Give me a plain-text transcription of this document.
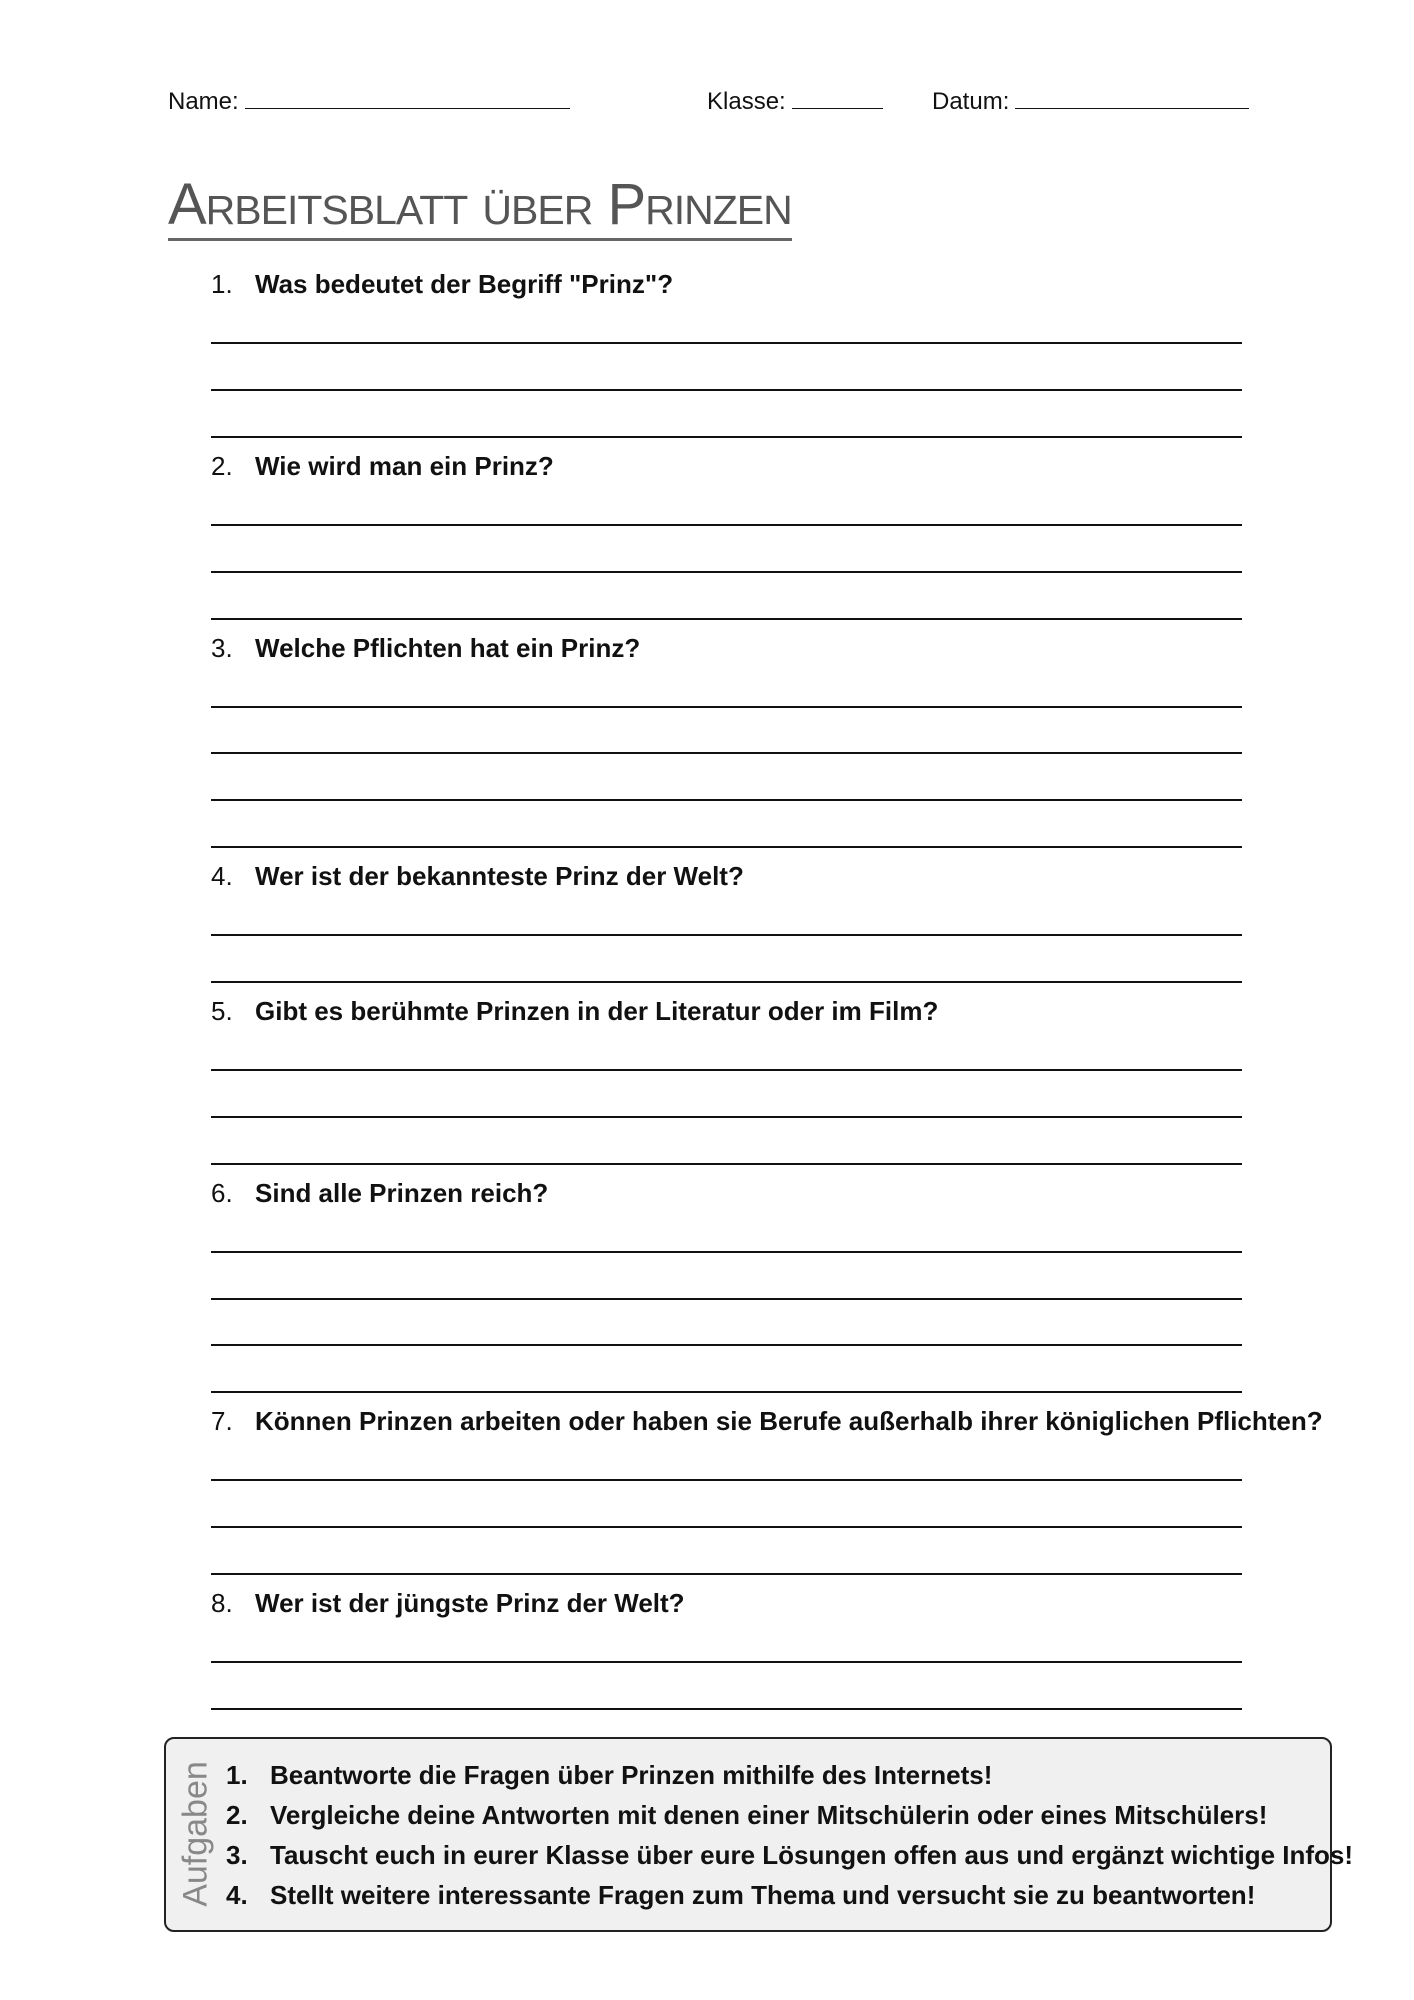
Name:	Klasse:	Datum:
Arbeitsblatt über Prinzen
1. Was bedeutet der Begriff "Prinz"?
2. Wie wird man ein Prinz?
3. Welche Pflichten hat ein Prinz?
4. Wer ist der bekannteste Prinz der Welt?
5. Gibt es berühmte Prinzen in der Literatur oder im Film?
6. Sind alle Prinzen reich?
7. Können Prinzen arbeiten oder haben sie Berufe außerhalb ihrer königlichen Pflichten?
8. Wer ist der jüngste Prinz der Welt?
Aufgaben 1. Beantworte die Fragen über Prinzen mithilfe des Internets!
2. Vergleiche deine Antworten mit denen einer Mitschülerin oder eines Mitschülers!
3. Tauscht euch in eurer Klasse über eure Lösungen offen aus und ergänzt wichtige Infos!
4. Stellt weitere interessante Fragen zum Thema und versucht sie zu beantworten!
